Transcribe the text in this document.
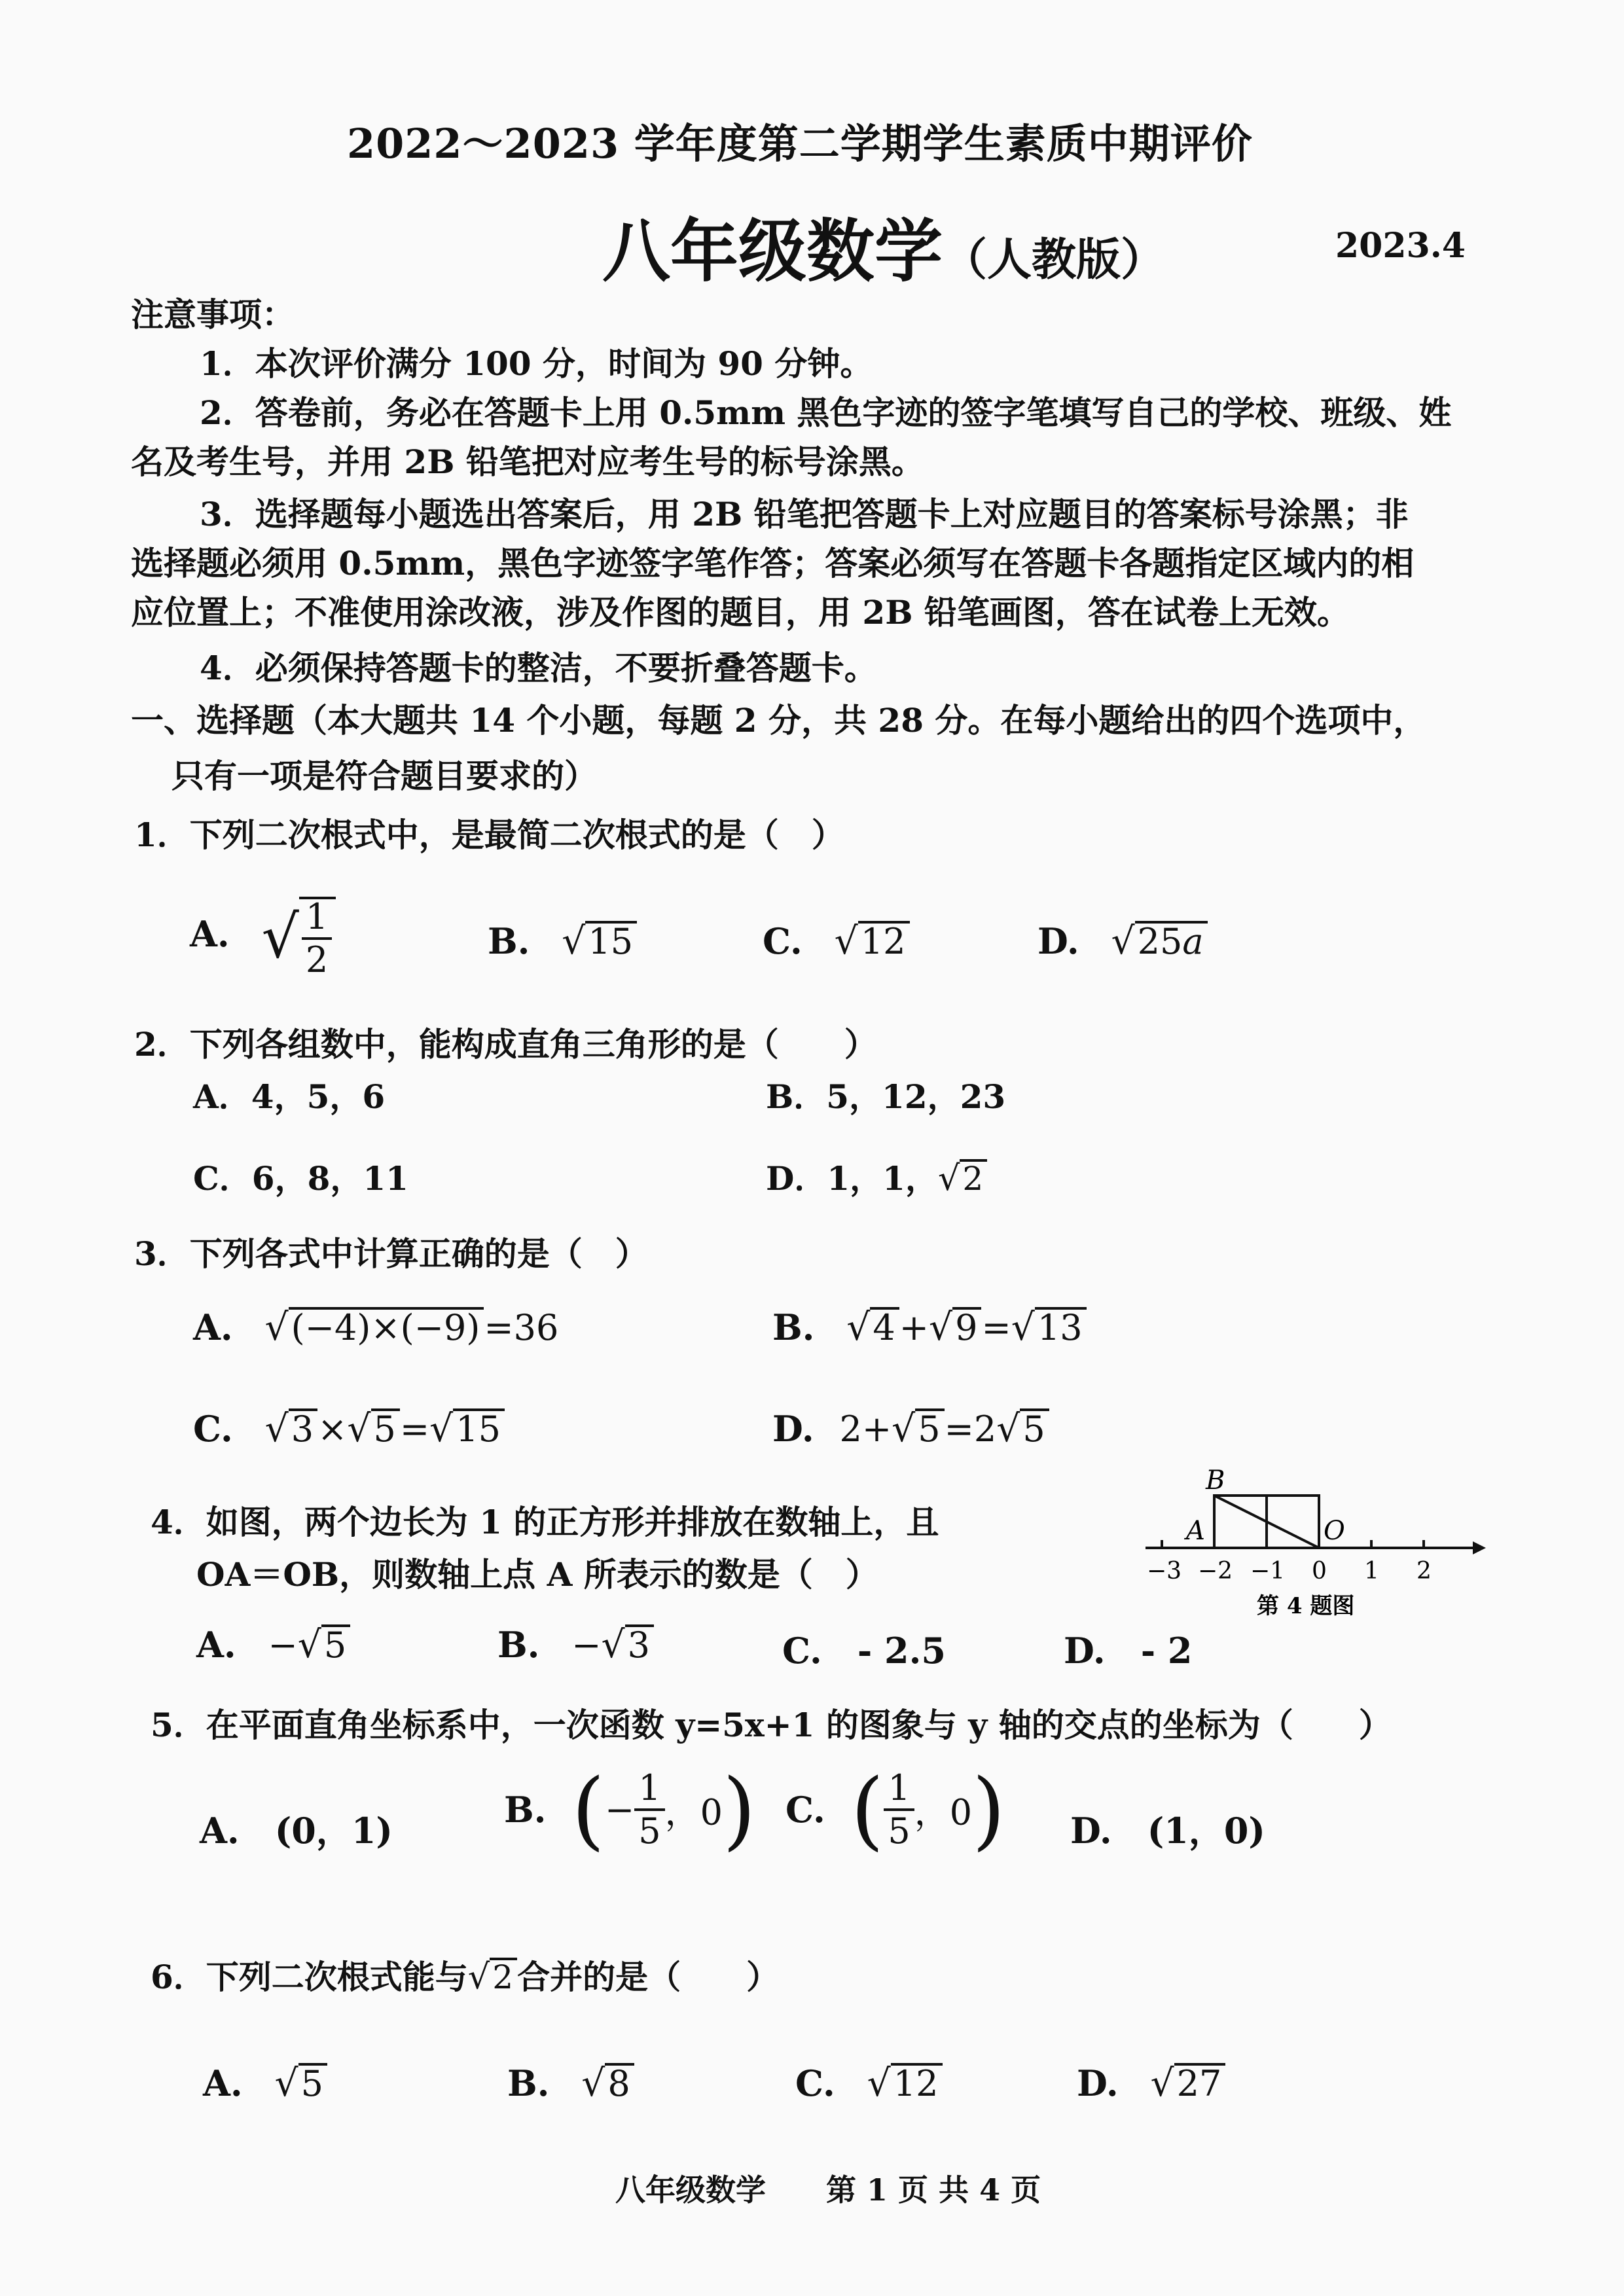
2022～2023 学年度第二学期学生素质中期评价
八年级数学（人教版）	2023.4
注意事项：
1．本次评价满分 100 分，时间为 90 分钟。
2．答卷前，务必在答题卡上用 0.5mm 黑色字迹的签字笔填写自己的学校、班级、姓
名及考生号，并用 2B 铅笔把对应考生号的标号涂黑。
3．选择题每小题选出答案后，用 2B 铅笔把答题卡上对应题目的答案标号涂黑；非
选择题必须用 0.5mm，黑色字迹签字笔作答；答案必须写在答题卡各题指定区域内的相
应位置上；不准使用涂改液，涉及作图的题目，用 2B 铅笔画图，答在试卷上无效。
4．必须保持答题卡的整洁，不要折叠答题卡。
一、选择题（本大题共 14 个小题，每题 2 分，共 28 分。在每小题给出的四个选项中，
只有一项是符合题目要求的）
1．下列二次根式中，是最简二次根式的是（　）
A. √ $\frac{1}{2}$	B. √15	C. √12	D. √25a
2．下列各组数中，能构成直角三角形的是（　　）
A．4，5，6	B．5，12，23
C．6，8，11	D．1，1，√2
3．下列各式中计算正确的是（　）
A. √(−4)×(−9) =36	B. √4 +√9 =√13
C. √3 ×√5 =√15	D. 2+√5 =2√5
4．如图，两个边长为 1 的正方形并排放在数轴上，且
OA＝OB，则数轴上点 A 所表示的数是（　）
B
A	O
−3 −2 −1 0 1 2
第 4 题图
A. −√5	B. −√3	C.　- 2.5	D.　- 2
5．在平面直角坐标系中，一次函数 y=5x+1 的图象与 y 轴的交点的坐标为（　　）
A.　(0，1)	B. (− $\frac{1}{5}$ ，0) C. ( $\frac{1}{5}$ ，0) D.　(1，0)
6．下列二次根式能与√2 合并的是（　　）
A. √5	B. √8	C. √12	D. √27
八年级数学　　第 1 页 共 4 页
